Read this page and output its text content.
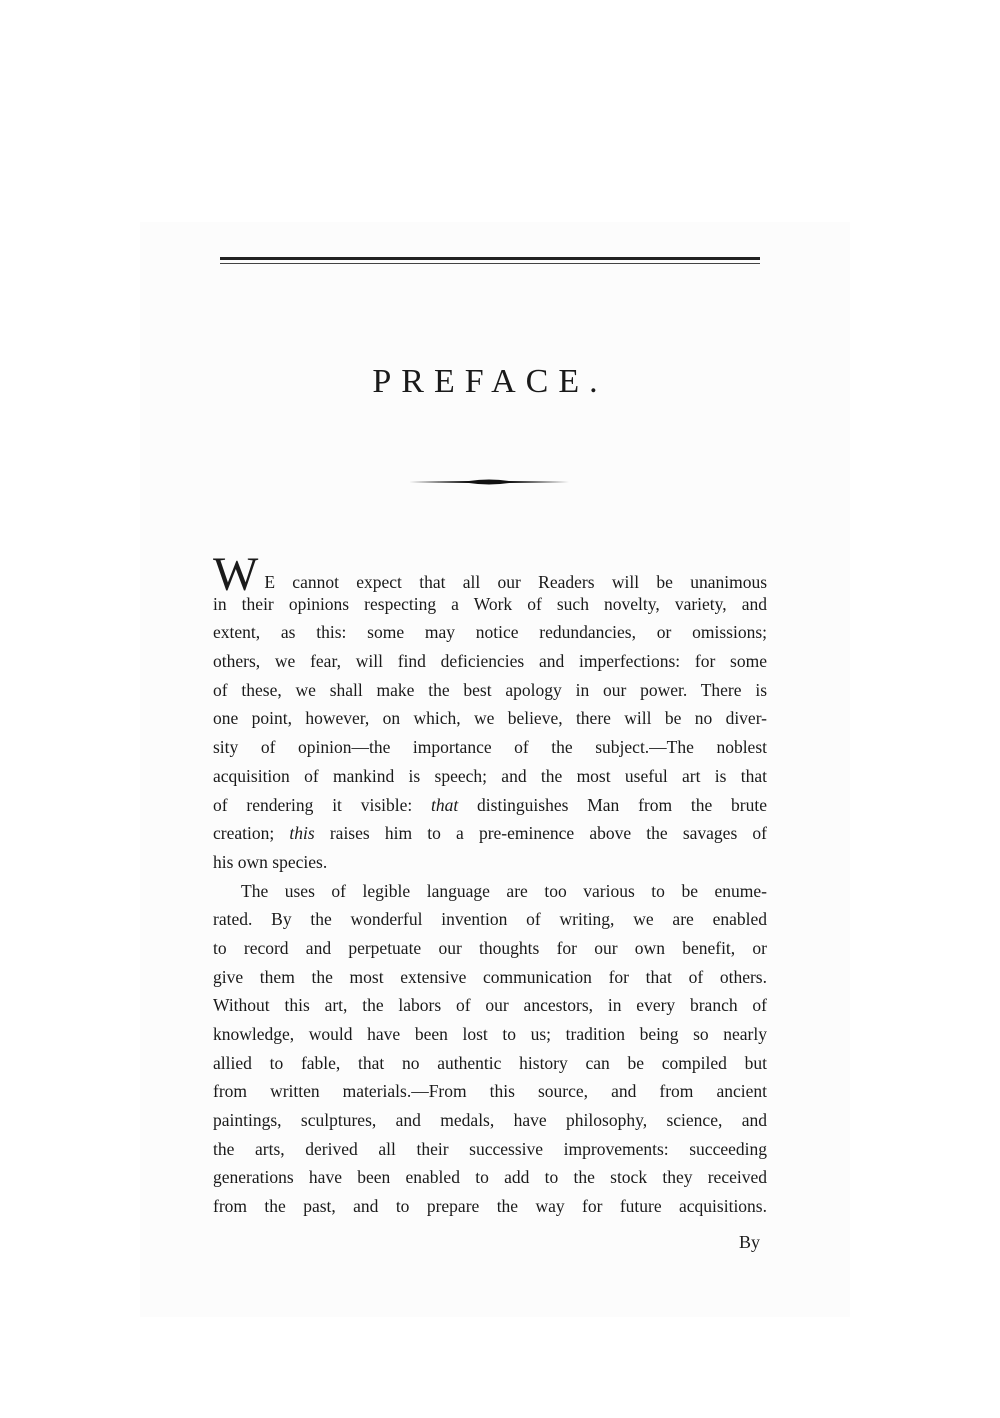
PREFACE.
W E cannot expect that all our Readers will be unanimous
in their opinions respecting a Work of such novelty, variety, and
extent, as this: some may notice redundancies, or omissions;
others, we fear, will find deficiencies and imperfections: for some
of these, we shall make the best apology in our power. There is
one point, however, on which, we believe, there will be no diver-
sity of opinion—the importance of the subject.—The noblest
acquisition of mankind is speech; and the most useful art is that
of rendering it visible: that distinguishes Man from the brute
creation; this raises him to a pre-eminence above the savages of
his own species.
The uses of legible language are too various to be enume-
rated. By the wonderful invention of writing, we are enabled
to record and perpetuate our thoughts for our own benefit, or
give them the most extensive communication for that of others.
Without this art, the labors of our ancestors, in every branch of
knowledge, would have been lost to us; tradition being so nearly
allied to fable, that no authentic history can be compiled but
from written materials.—From this source, and from ancient
paintings, sculptures, and medals, have philosophy, science, and
the arts, derived all their successive improvements: succeeding
generations have been enabled to add to the stock they received
from the past, and to prepare the way for future acquisitions.
By
